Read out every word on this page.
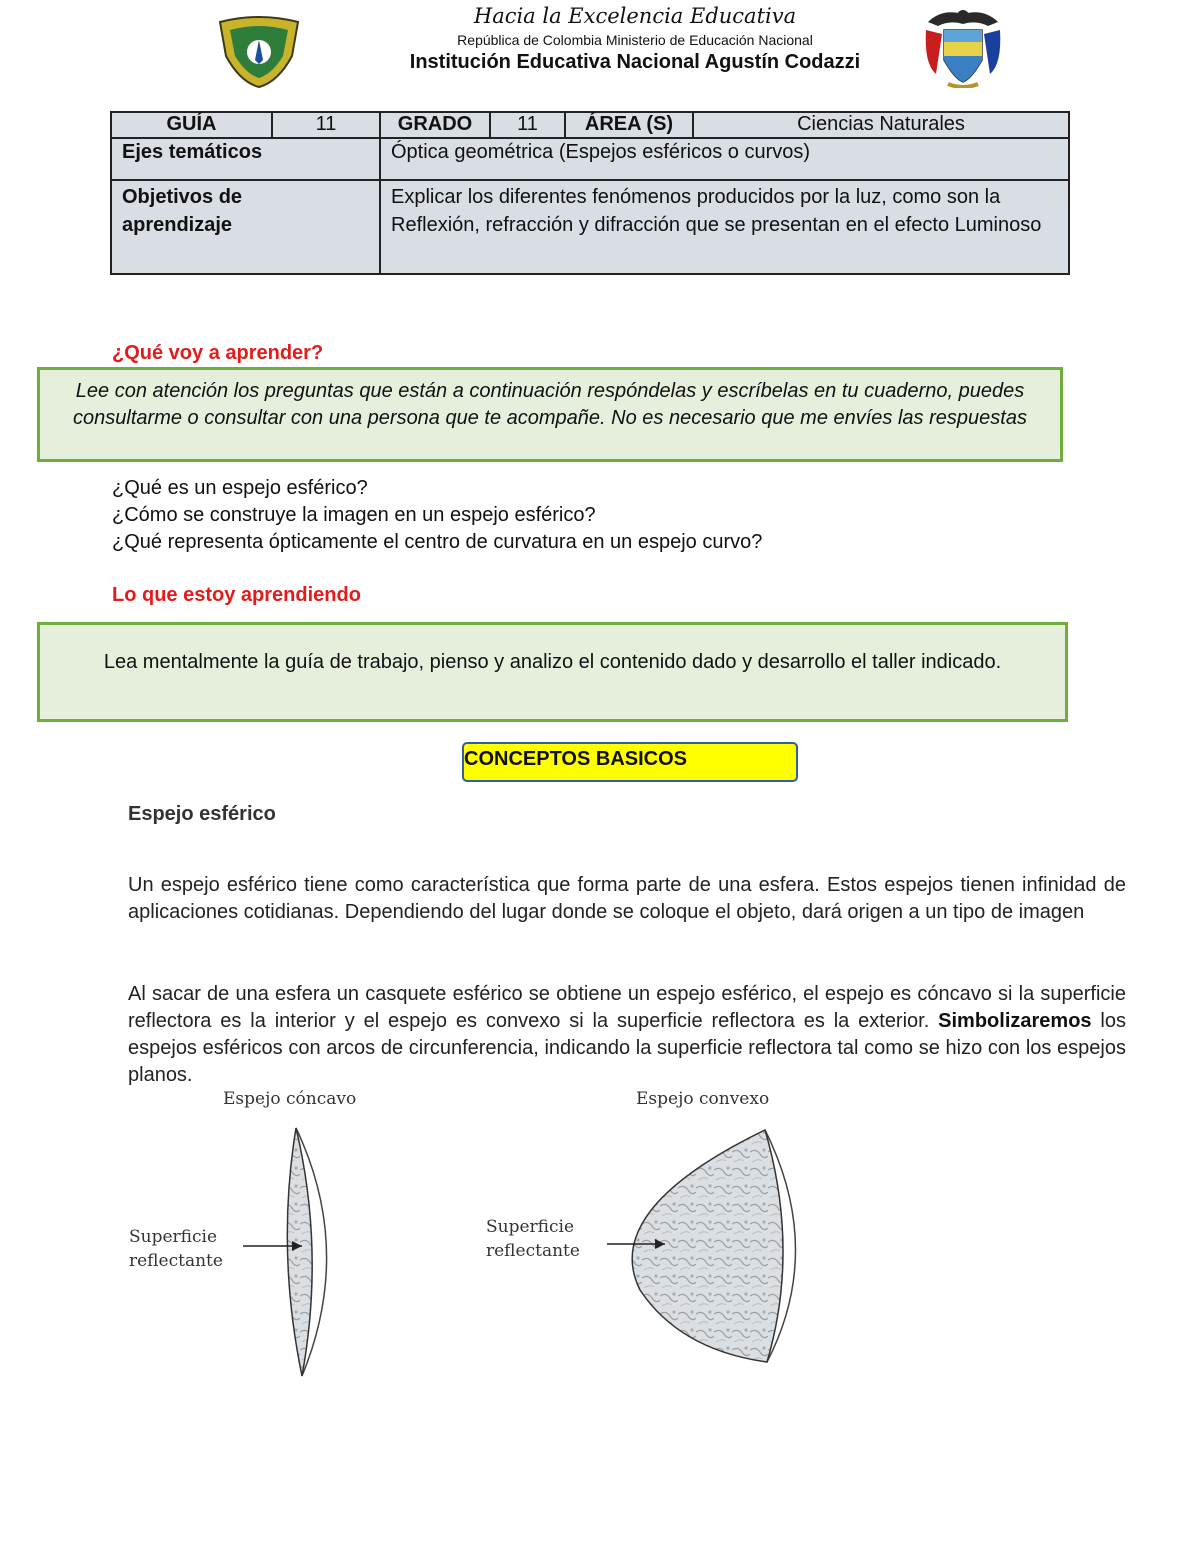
Hacia la Excelencia Educativa
República de Colombia Ministerio de Educación Nacional
Institución Educativa Nacional Agustín Codazzi
GUÍA	11	GRADO	11	ÁREA (S)	Ciencias Naturales
Ejes temáticos		Óptica geométrica (Espejos esféricos o curvos)			
Objetivos de aprendizaje		Explicar los diferentes fenómenos producidos por la luz, como son la Reflexión, refracción y difracción que se presentan en el efecto Luminoso			
¿Qué voy a aprender?
Lee con atención los preguntas que están a continuación respóndelas y escríbelas en tu cuaderno, puedes consultarme o consultar con una persona que te acompañe. No es necesario que me envíes las respuestas
¿Qué es un espejo esférico?
¿Cómo se construye la imagen en un espejo esférico?
¿Qué representa ópticamente el centro de curvatura en un espejo curvo?
Lo que estoy aprendiendo
Lea mentalmente la guía de trabajo, pienso y analizo el contenido dado y desarrollo el taller indicado.
CONCEPTOS BASICOS
Espejo esférico
Un espejo esférico tiene como característica que forma parte de una esfera. Estos espejos tienen infinidad de aplicaciones cotidianas. Dependiendo del lugar donde se coloque el objeto, dará origen a un tipo de imagen
Al sacar de una esfera un casquete esférico se obtiene un espejo esférico, el espejo es cóncavo si la superficie reflectora es la interior y el espejo es convexo si la superficie reflectora es la exterior. Simbolizaremos los espejos esféricos con arcos de circunferencia, indicando la superficie reflectora tal como se hizo con los espejos planos.
Espejo cóncavo	Espejo convexo
Superficie
reflectante
Superficie
reflectante
